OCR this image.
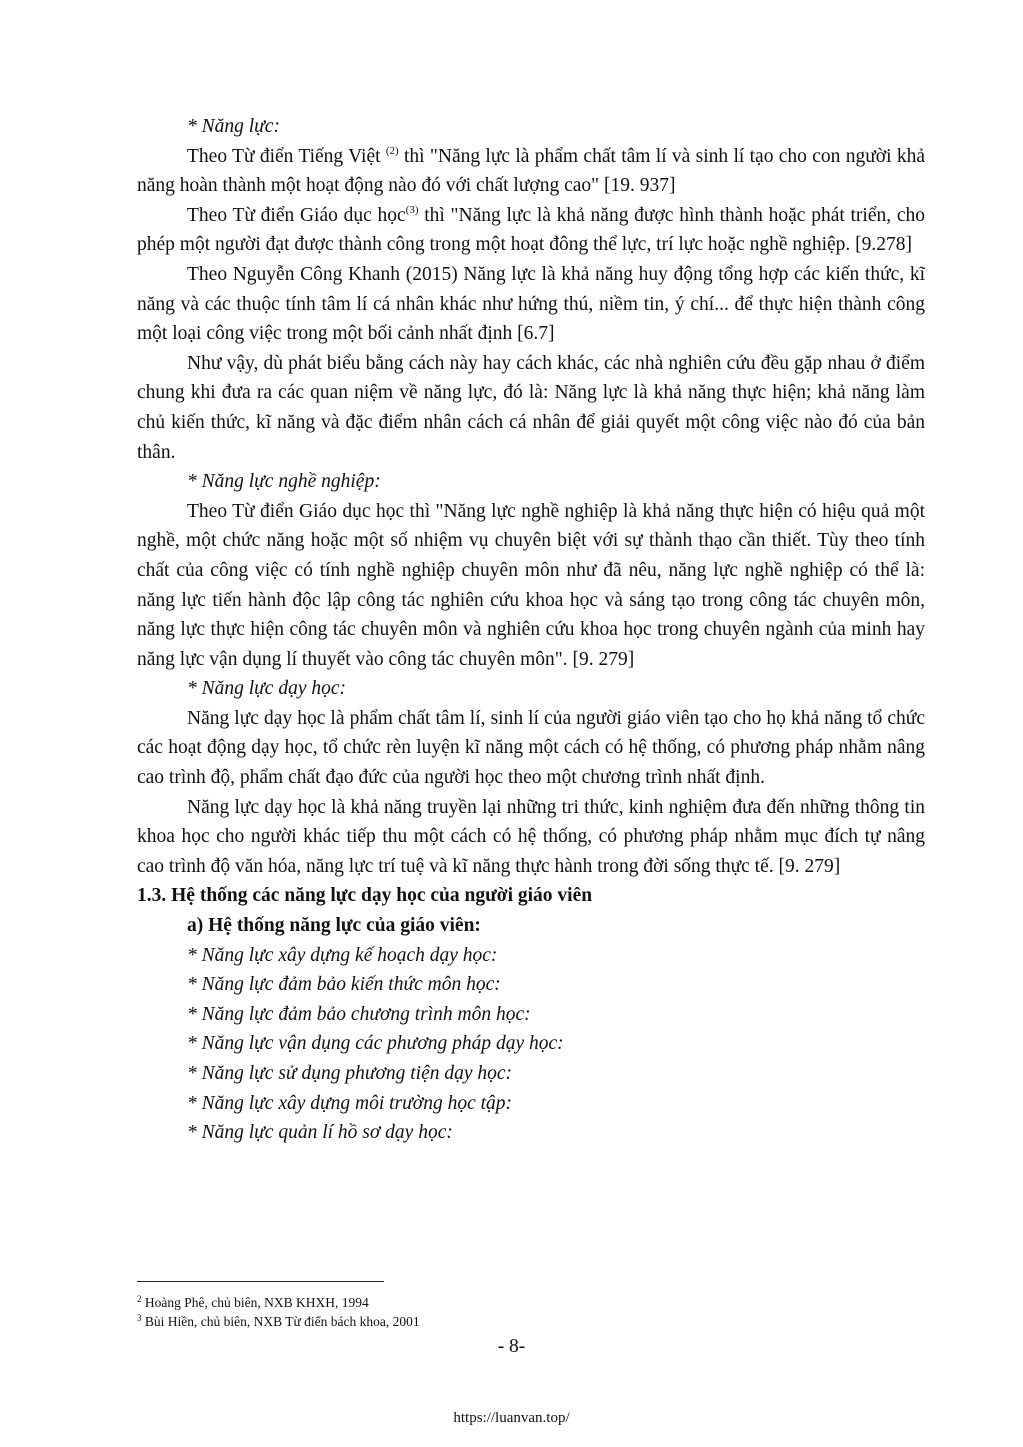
* Năng lực:

Theo Từ điển Tiếng Việt $^{(2)}$ thì "Năng lực là phẩm chất tâm lí và sinh lí tạo cho con người khả năng hoàn thành một hoạt động nào đó với chất lượng cao" [19. 937]

Theo Từ điển Giáo dục học$^{(3)}$ thì "Năng lực là khả năng được hình thành hoặc phát triển, cho phép một người đạt được thành công trong một hoạt đông thể lực, trí lực hoặc nghề nghiệp. [9.278]

Theo Nguyễn Công Khanh (2015) Năng lực là khả năng huy động tổng hợp các kiến thức, kĩ năng và các thuộc tính tâm lí cá nhân khác như hứng thú, niềm tin, ý chí... để thực hiện thành công một loại công việc trong một bối cảnh nhất định [6.7]

Như vậy, dù phát biểu bằng cách này hay cách khác, các nhà nghiên cứu đều gặp nhau ở điểm chung khi đưa ra các quan niệm về năng lực, đó là: Năng lực là khả năng thực hiện; khả năng làm chủ kiến thức, kĩ năng và đặc điểm nhân cách cá nhân để giải quyết một công việc nào đó của bản thân.

* Năng lực nghề nghiệp:

Theo Từ điển Giáo dục học thì "Năng lực nghề nghiệp là khả năng thực hiện có hiệu quả một nghề, một chức năng hoặc một số nhiệm vụ chuyên biệt với sự thành thạo cần thiết. Tùy theo tính chất của công việc có tính nghề nghiệp chuyên môn như đã nêu, năng lực nghề nghiệp có thể là: năng lực tiến hành độc lập công tác nghiên cứu khoa học và sáng tạo trong công tác chuyên môn, năng lực thực hiện công tác chuyên môn và nghiên cứu khoa học trong chuyên ngành của minh hay năng lực vận dụng lí thuyết vào công tác chuyên môn". [9. 279]

* Năng lực dạy học:

Năng lực dạy học là phẩm chất tâm lí, sinh lí của người giáo viên tạo cho họ khả năng tổ chức các hoạt động dạy học, tổ chức rèn luyện kĩ năng một cách có hệ thống, có phương pháp nhằm nâng cao trình độ, phẩm chất đạo đức của người học theo một chương trình nhất định.

Năng lực dạy học là khả năng truyền lại những tri thức, kinh nghiệm đưa đến những thông tin khoa học cho người khác tiếp thu một cách có hệ thống, có phương pháp nhằm mục đích tự nâng cao trình độ văn hóa, năng lực trí tuệ và kĩ năng thực hành trong đời sống thực tế. [9. 279]

1.3. Hệ thống các năng lực dạy học của người giáo viên

a) Hệ thống năng lực của giáo viên:

* Năng lực xây dựng kế hoạch dạy học:
* Năng lực đảm bảo kiến thức môn học:
* Năng lực đảm bảo chương trình môn học:
* Năng lực vận dụng các phương pháp dạy học:
* Năng lực sử dụng phương tiện dạy học:
* Năng lực xây dựng môi trường học tập:
* Năng lực quản lí hồ sơ dạy học:
$^2$ Hoàng Phê, chủ biên, NXB KHXH, 1994
$^3$ Bùi Hiền, chủ biên, NXB Từ điển bách khoa, 2001
- 8-
https://luanvan.top/
